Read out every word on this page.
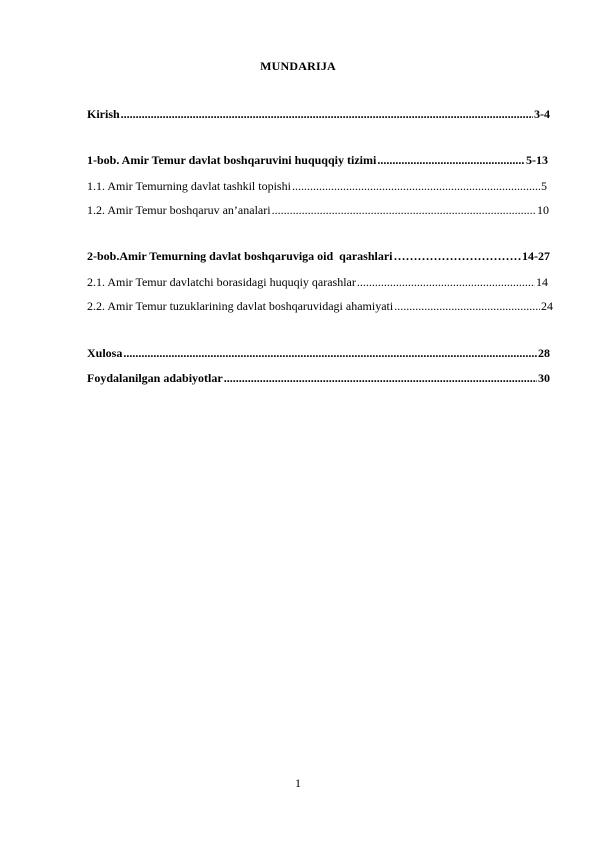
MUNDARIJA
Kirish .....	3-4
1-bob. Amir Temur davlat boshqaruvini huquqqiy tizimi .....	5-13
1.1. Amir Temurning davlat tashkil topishi .....	5
1.2. Amir Temur boshqaruv an’analari .....	10
2-bob.Amir Temurning davlat boshqaruviga oid  qarashlari …………………………………………………………………………………	14-27
2.1. Amir Temur davlatchi borasidagi huquqiy qarashlar .....	14
2.2. Amir Temur tuzuklarining davlat boshqaruvidagi ahamiyati .....	24
Xulosa .....	28
Foydalanilgan adabiyotlar .....	30
1
